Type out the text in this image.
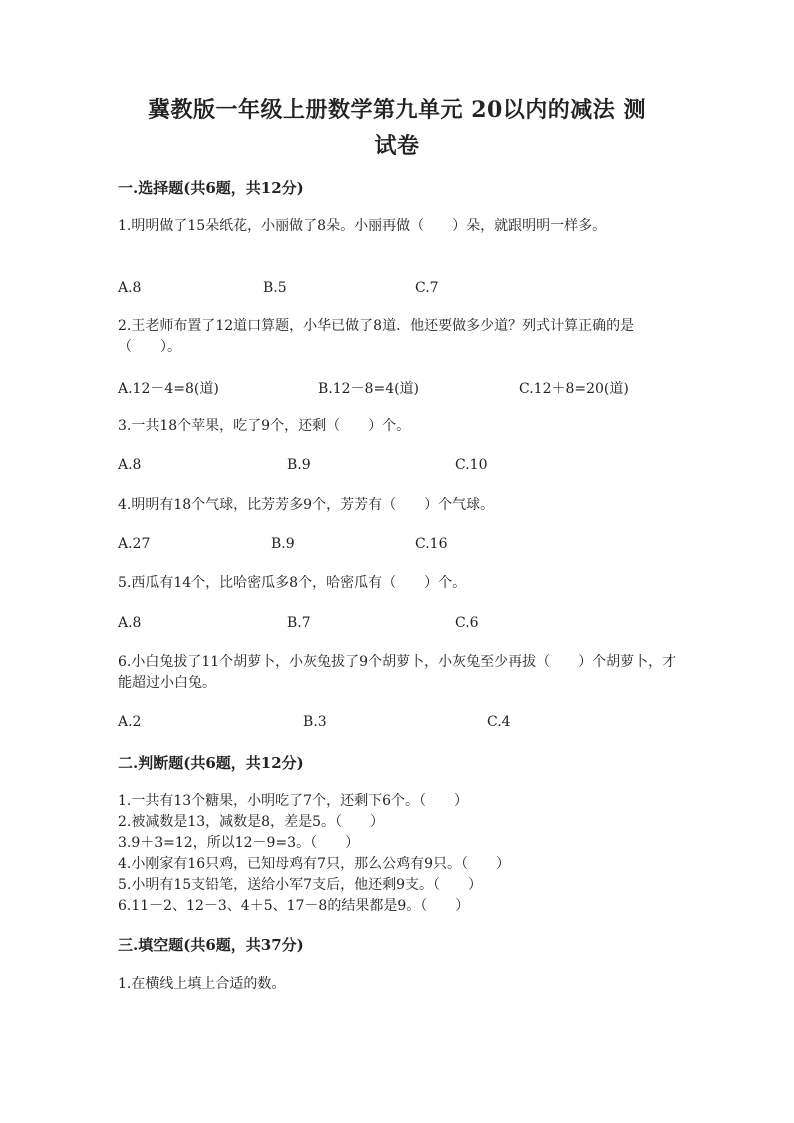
冀教版一年级上册数学第九单元 20以内的减法 测
试卷
一.选择题(共6题，共12分)
1.明明做了15朵纸花，小丽做了8朵。小丽再做（　　）朵，就跟明明一样多。
A.8	B.5	C.7
2.王老师布置了12道口算题，小华已做了8道．他还要做多少道？列式计算正确的是（　　）。
A.12－4=8(道)	B.12－8=4(道)	C.12＋8=20(道)
3.一共18个苹果，吃了9个，还剩（　　）个。
A.8	B.9	C.10
4.明明有18个气球，比芳芳多9个，芳芳有（　　）个气球。
A.27	B.9	C.16
5.西瓜有14个，比哈密瓜多8个，哈密瓜有（　　）个。
A.8	B.7	C.6
6.小白兔拔了11个胡萝卜，小灰兔拔了9个胡萝卜，小灰兔至少再拔（　　）个胡萝卜，才能超过小白兔。
A.2	B.3	C.4
二.判断题(共6题，共12分)
1.一共有13个糖果，小明吃了7个，还剩下6个。（　　）
2.被减数是13，减数是8，差是5。（　　）
3.9＋3=12，所以12－9=3。（　　）
4.小刚家有16只鸡，已知母鸡有7只，那么公鸡有9只。（　　）
5.小明有15支铅笔，送给小军7支后，他还剩9支。（　　）
6.11－2、12－3、4＋5、17－8的结果都是9。（　　）
三.填空题(共6题，共37分)
1.在横线上填上合适的数。
